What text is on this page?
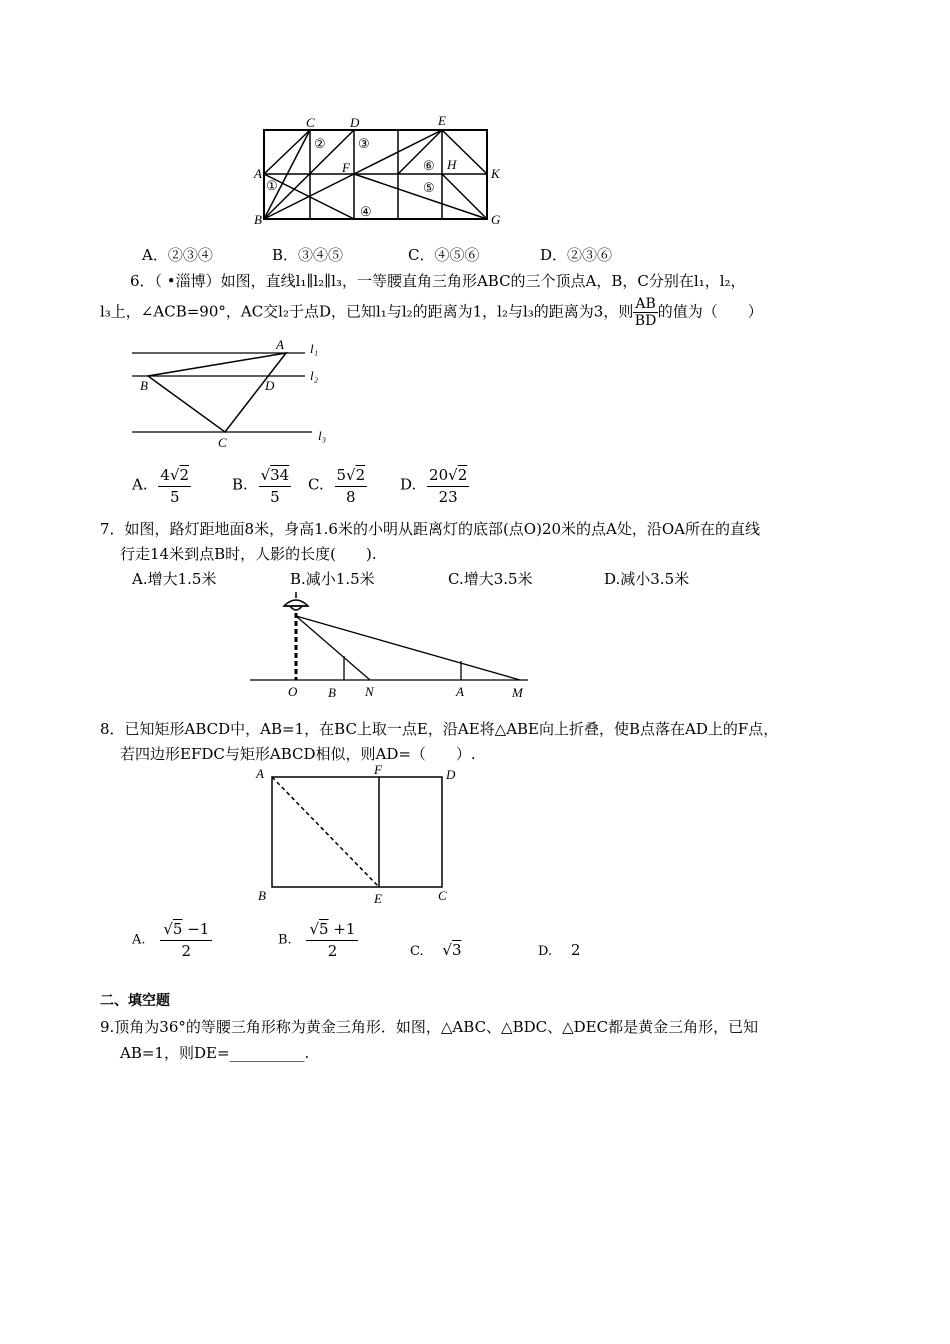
C	D	E
A	F	H
K
B	G
①
② ③
④
⑤
⑥
A．②③④	B．③④⑤	C．④⑤⑥	D．②③⑥
6．（ •淄博）如图，直线l₁∥l₂∥l₃，一等腰直角三角形ABC的三个顶点A，B，C分别在l₁，l₂，
l₃上，∠ACB=90°，AC交l₂于点D，已知l₁与l₂的距离为1，l₂与l₃的距离为3，则 $\frac{AB}{BD}$ 的值为（　　）
A
B	D
C
l₁
l₂
l₃
A. $\frac{4√2}{5}$	B. $\frac{√34}{5} C$. $\frac{5√2}{8} D$. $\frac{20√2}{23}$
7．如图，路灯距地面8米，身高1.6米的小明从距离灯的底部(点O)20米的点A处，沿OA所在的直线
行走14米到点B时，人影的长度(　　).
A.增大1.5米	B.减小1.5米	C.增大3.5米	D.减小3.5米
O B N	A	M
8．已知矩形ABCD中，AB=1，在BC上取一点E，沿AE将△ABE向上折叠，使B点落在AD上的F点，
若四边形EFDC与矩形ABCD相似，则AD=（　　）.
A	F	D
B	E	C
A. $\frac{√5 -1}{2}$	B. $\frac{√5 +1}{2}$	C. √3	D. 2
二、填空题
9.顶角为36°的等腰三角形称为黄金三角形．如图，△ABC、△BDC、△DEC都是黄金三角形，已知
AB=1，则DE=__________.
